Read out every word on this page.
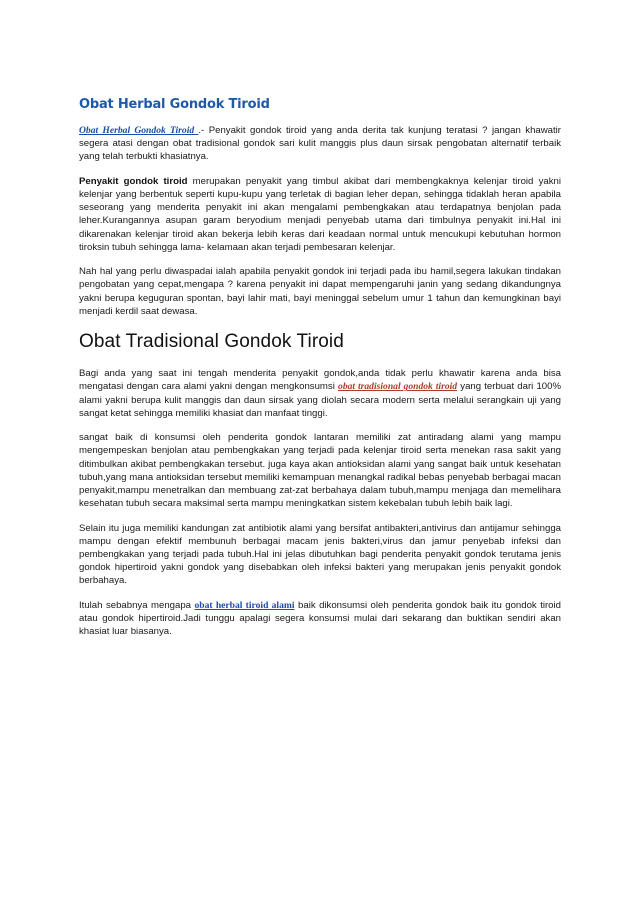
Obat Herbal Gondok Tiroid

Obat Herbal Gondok Tiroid .- Penyakit gondok tiroid yang anda derita tak kunjung teratasi ? jangan khawatir segera atasi dengan obat tradisional gondok sari kulit manggis plus daun sirsak pengobatan alternatif terbaik yang telah terbukti khasiatnya.

Penyakit gondok tiroid merupakan penyakit yang timbul akibat dari membengkaknya kelenjar tiroid yakni kelenjar yang berbentuk seperti kupu-kupu yang terletak di bagian leher depan, sehingga tidaklah heran apabila seseorang yang menderita penyakit ini akan mengalami pembengkakan atau terdapatnya benjolan pada leher.Kurangannya asupan garam beryodium menjadi penyebab utama dari timbulnya penyakit ini.Hal ini dikarenakan kelenjar tiroid akan bekerja lebih keras dari keadaan normal untuk mencukupi kebutuhan hormon tiroksin tubuh sehingga lama- kelamaan akan terjadi pembesaran kelenjar.

Nah hal yang perlu diwaspadai ialah apabila penyakit gondok ini terjadi pada ibu hamil,segera lakukan tindakan pengobatan yang cepat,mengapa ? karena penyakit ini dapat mempengaruhi janin yang sedang dikandungnya yakni berupa keguguran spontan, bayi lahir mati, bayi meninggal sebelum umur 1 tahun dan kemungkinan bayi menjadi kerdil saat dewasa.

Obat Tradisional Gondok Tiroid

Bagi anda yang saat ini tengah menderita penyakit gondok,anda tidak perlu khawatir karena anda bisa mengatasi dengan cara alami yakni dengan mengkonsumsi obat tradisional gondok tiroid yang terbuat dari 100% alami yakni berupa kulit manggis dan daun sirsak yang diolah secara modern serta melalui serangkain uji yang sangat ketat sehingga memiliki khasiat dan manfaat tinggi.

sangat baik di konsumsi oleh penderita gondok lantaran memiliki zat antiradang alami yang mampu mengempeskan benjolan atau pembengkakan yang terjadi pada kelenjar tiroid serta menekan rasa sakit yang ditimbulkan akibat pembengkakan tersebut. juga kaya akan antioksidan alami yang sangat baik untuk kesehatan tubuh,yang mana antioksidan tersebut memiliki kemampuan menangkal radikal bebas penyebab berbagai macan penyakit,mampu menetralkan dan membuang zat-zat berbahaya dalam tubuh,mampu menjaga dan memelihara kesehatan tubuh secara maksimal serta mampu meningkatkan sistem kekebalan tubuh lebih baik lagi.

Selain itu juga memiliki kandungan zat antibiotik alami yang bersifat antibakteri,antivirus dan antijamur sehingga mampu dengan efektif membunuh berbagai macam jenis bakteri,virus dan jamur penyebab infeksi dan pembengkakan yang terjadi pada tubuh.Hal ini jelas dibutuhkan bagi penderita penyakit gondok terutama jenis gondok hipertiroid yakni gondok yang disebabkan oleh infeksi bakteri yang merupakan jenis penyakit gondok berbahaya.

Itulah sebabnya mengapa obat herbal tiroid alami baik dikonsumsi oleh penderita gondok baik itu gondok tiroid atau gondok hipertiroid.Jadi tunggu apalagi segera konsumsi mulai dari sekarang dan buktikan sendiri akan khasiat luar biasanya.
